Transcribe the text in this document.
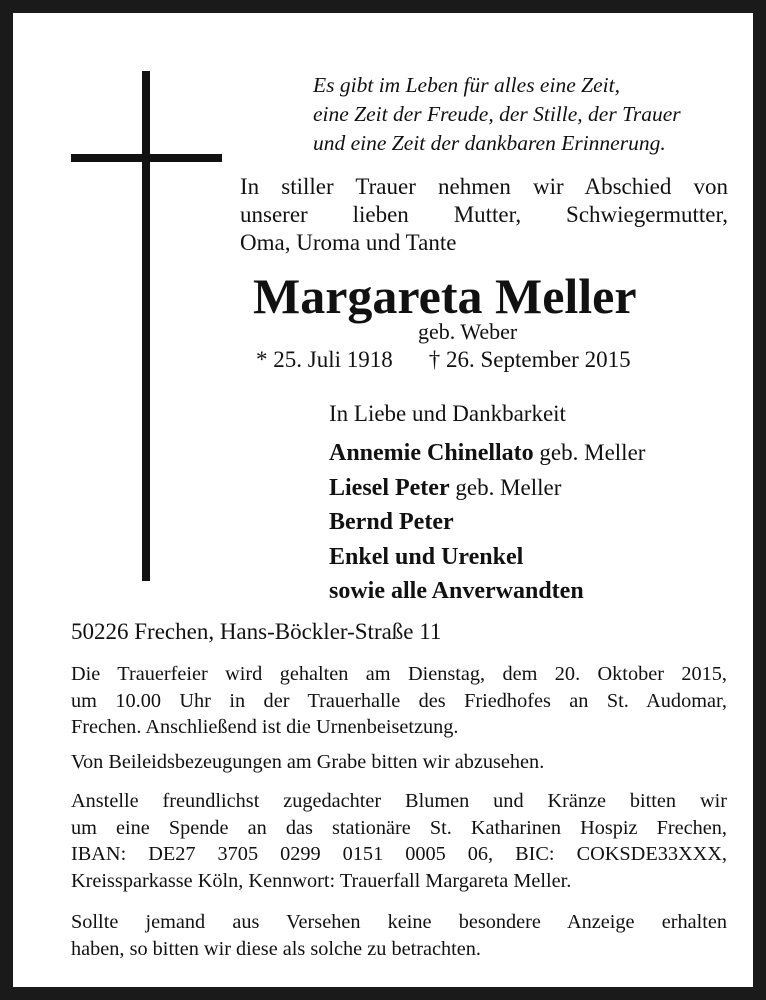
Es gibt im Leben für alles eine Zeit,
eine Zeit der Freude, der Stille, der Trauer
und eine Zeit der dankbaren Erinnerung.
In stiller Trauer nehmen wir Abschied von
unserer lieben Mutter, Schwiegermutter,
Oma, Uroma und Tante
Margareta Meller
geb. Weber
* 25. Juli 1918 † 26. September 2015
In Liebe und Dankbarkeit
Annemie Chinellato geb. Meller
Liesel Peter geb. Meller
Bernd Peter
Enkel und Urenkel
sowie alle Anverwandten
50226 Frechen, Hans-Böckler-Straße 11
Die Trauerfeier wird gehalten am Dienstag, dem 20. Oktober 2015,
um 10.00 Uhr in der Trauerhalle des Friedhofes an St. Audomar,
Frechen. Anschließend ist die Urnenbeisetzung.
Von Beileidsbezeugungen am Grabe bitten wir abzusehen.
Anstelle freundlichst zugedachter Blumen und Kränze bitten wir
um eine Spende an das stationäre St. Katharinen Hospiz Frechen,
IBAN: DE27 3705 0299 0151 0005 06, BIC: COKSDE33XXX,
Kreissparkasse Köln, Kennwort: Trauerfall Margareta Meller.
Sollte jemand aus Versehen keine besondere Anzeige erhalten
haben, so bitten wir diese als solche zu betrachten.
